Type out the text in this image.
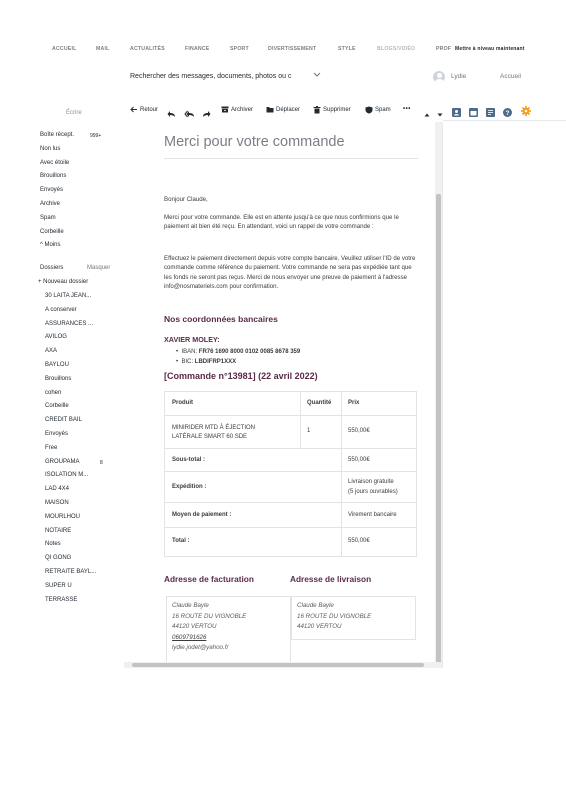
ACCUEIL	MAIL	ACTUALITÉS	FINANCE	SPORT	DIVERTISSEMENT	STYLE	BLOGS/VIDÉO	PROF Mettre à niveau maintenant
Rechercher des messages, documents, photos ou c	Lydie	Accueil
Écrire
Boîte récept.	999+
Non lus
Avec étoile
Brouillons
Envoyés
Archive
Spam
Corbeille
^ Moins
Dossiers	Masquer
+ Nouveau dossier
30 LAITA JEAN...
A conserver
ASSURANCES ...
AVILOG
AXA
BAYLOU
Brouillons
cohen
Corbeille
CREDIT BAIL
Envoyés
Free
GROUPAMA	8
ISOLATION M...
LAD 4X4
MAISON
MOURLHOU
NOTAIRE
Notes
QI GONG
RETRAITE BAYL...
SUPER U
TERRASSE
Retour	Archiver	Déplacer	Supprimer	Spam •••
?
Merci pour votre commande
Bonjour Claude,
Merci pour votre commande. Elle est en attente jusqu'à ce que nous confirmions que le paiement ait bien été reçu. En attendant, voici un rappel de votre commande :
Effectuez le paiement directement depuis votre compte bancaire. Veuillez utiliser l'ID de votre commande comme référence du paiement. Votre commande ne sera pas expédiée tant que les fonds ne seront pas reçus. Merci de nous envoyer une preuve de paiement à l'adresse info@nosmateriels.com pour confirmation.
Nos coordonnées bancaires
XAVIER MOLEY:
•  IBAN: FR76 1690 8000 0102 0085 8678 359
•  BIC: LBDIFRP1XXX
[Commande n°13981] (22 avril 2022)
Produit	Quantité	Prix
MINIRIDER MTD À ÉJECTION
LATÉRALE SMART 60 SDE
1	550,00€
Sous-total :	550,00€
Expédition :
Livraison gratuite
(5 jours ouvrables)
Moyen de paiement :	Virement bancaire
Total :	550,00€
Adresse de facturation	Adresse de livraison
Claude Bayle
16 ROUTE DU VIGNOBLE
44120 VERTOU
0609791626
lydie.jodet@yahoo.fr
Claude Bayle
16 ROUTE DU VIGNOBLE
44120 VERTOU
